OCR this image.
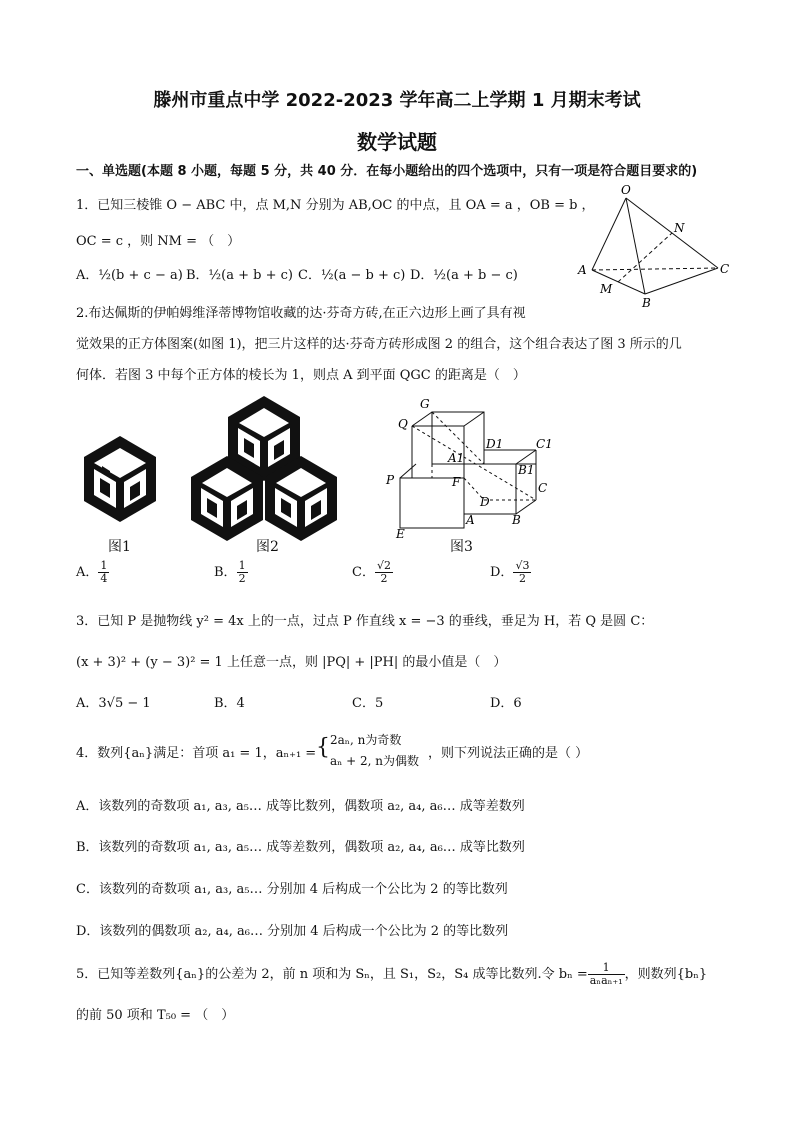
滕州市重点中学 2022-2023 学年高二上学期 1 月期末考试
数学试题
一、单选题(本题 8 小题，每题 5 分，共 40 分．在每小题给出的四个选项中，只有一项是符合题目要求的)
1．已知三棱锥 O − ABC 中，点 M,N 分别为 AB,OC 的中点，且 OA = a ，OB = b ，
OC = c ，则 NM = （　）
A．½(b + c − a) B．½(a + b + c) C．½(a − b + c) D．½(a + b − c)
O
N
A
M
B
C
2.布达佩斯的伊帕姆维泽蒂博物馆收藏的达·芬奇方砖,在正六边形上画了具有视
觉效果的正方体图案(如图 1)，把三片这样的达·芬奇方砖形成图 2 的组合，这个组合表达了图 3 所示的几
何体．若图 3 中每个正方体的棱长为 1，则点 A 到平面 QGC 的距离是（　）
G
Q
D1	C1
A1
B1
P	F	C
D
E
A	B
图1	图2	图3
A． $\frac{1}{4}$	B． $\frac{1}{2}$	C． $\frac{√2}{2}$	D． $\frac{√3}{2}$
3．已知 P 是抛物线 y² = 4x 上的一点，过点 P 作直线 x = −3 的垂线，垂足为 H，若 Q 是圆 C：
(x + 3)² + (y − 3)² = 1 上任意一点，则 |PQ| + |PH| 的最小值是（　）
A．3√5 − 1	B．4	C．5	D．6
4．数列{aₙ}满足：首项 a₁ = 1，aₙ₊₁ = { 2aₙ, n为奇数
aₙ + 2, n为偶数 ，则下列说法正确的是（ ）
A．该数列的奇数项 a₁, a₃, a₅… 成等比数列，偶数项 a₂, a₄, a₆… 成等差数列
B．该数列的奇数项 a₁, a₃, a₅… 成等差数列，偶数项 a₂, a₄, a₆… 成等比数列
C．该数列的奇数项 a₁, a₃, a₅… 分别加 4 后构成一个公比为 2 的等比数列
D．该数列的偶数项 a₂, a₄, a₆… 分别加 4 后构成一个公比为 2 的等比数列
5．已知等差数列{aₙ}的公差为 2，前 n 项和为 Sₙ，且 S₁，S₂，S₄ 成等比数列.令 $b_n = \frac{1}{\text{aₙaₙ₊₁}}$ ，则数列{bₙ}
的前 50 项和 T₅₀ = （　）
